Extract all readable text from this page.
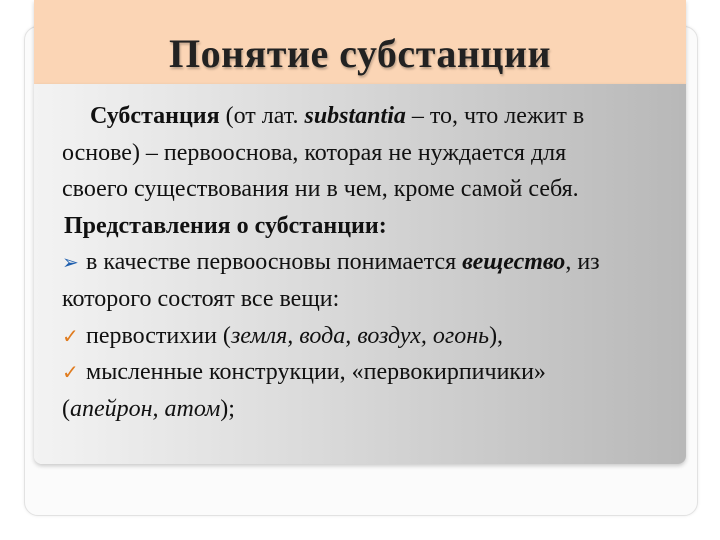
Понятие субстанции
Субстанция (от лат. substantia – то, что лежит в
основе) – первооснова, которая не нуждается для
своего существования ни в чем, кроме самой себя.
Представления о субстанции:
➢ в качестве первоосновы понимается вещество, из
которого состоят все вещи:
✓ первостихии (земля, вода, воздух, огонь),
✓ мысленные конструкции, «первокирпичики»
(апейрон, атом);
